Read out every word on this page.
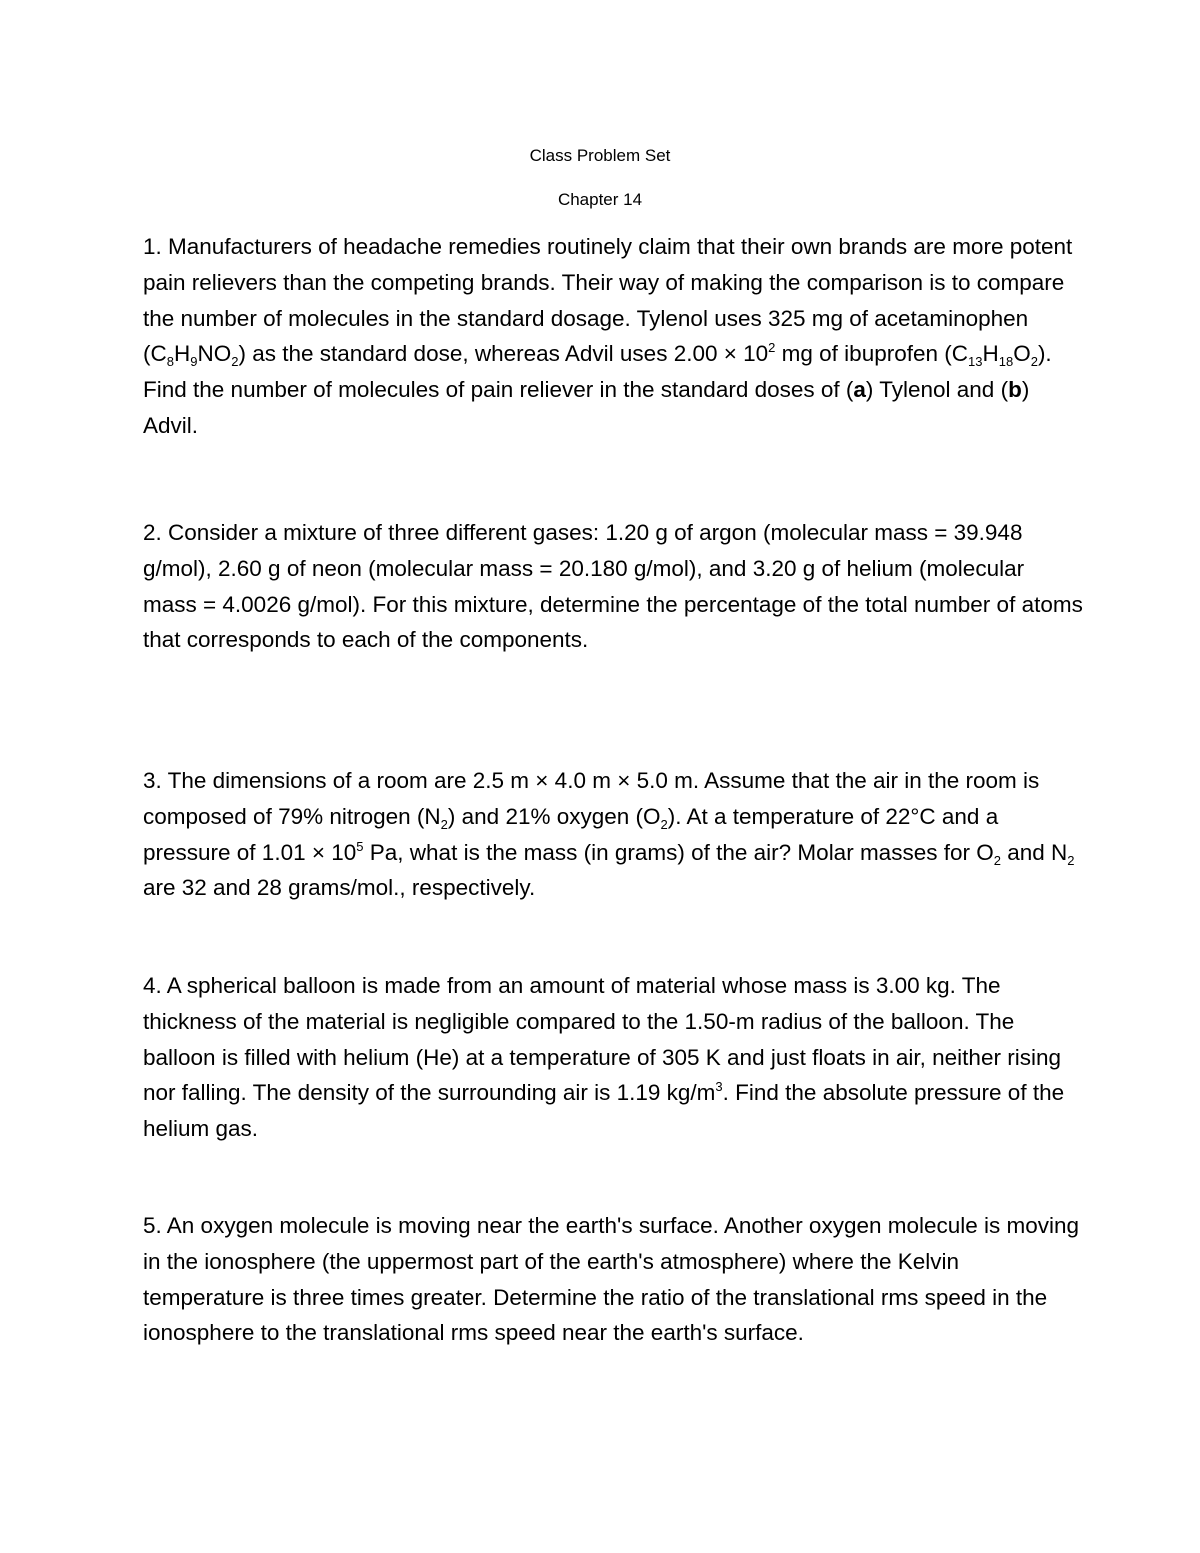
Class Problem Set
Chapter 14

1. Manufacturers of headache remedies routinely claim that their own brands are more potent pain relievers than the competing brands. Their way of making the comparison is to compare the number of molecules in the standard dosage. Tylenol uses 325 mg of acetaminophen $(C_8H_9NO_2)$ as the standard dose, whereas Advil uses $2.00 \times 10^2$ mg of ibuprofen $(C_{13}H_{18}O_2)$. Find the number of molecules of pain reliever in the standard doses of (a) Tylenol and (b) Advil.

2. Consider a mixture of three different gases: 1.20 g of argon (molecular mass = 39.948 g/mol), 2.60 g of neon (molecular mass = 20.180 g/mol), and 3.20 g of helium (molecular mass = 4.0026 g/mol). For this mixture, determine the percentage of the total number of atoms that corresponds to each of the components.

3. The dimensions of a room are 2.5 m × 4.0 m × 5.0 m. Assume that the air in the room is composed of 79% nitrogen $(N_2)$ and 21% oxygen $(O_2)$. At a temperature of 22°C and a pressure of $1.01 \times 10^5$ Pa, what is the mass (in grams) of the air? Molar masses for $O_2$ and $N_2$ are 32 and 28 grams/mol., respectively.

4. A spherical balloon is made from an amount of material whose mass is 3.00 kg. The thickness of the material is negligible compared to the 1.50-m radius of the balloon. The balloon is filled with helium (He) at a temperature of 305 K and just floats in air, neither rising nor falling. The density of the surrounding air is 1.19 $kg/m^3$. Find the absolute pressure of the helium gas.

5. An oxygen molecule is moving near the earth's surface. Another oxygen molecule is moving in the ionosphere (the uppermost part of the earth's atmosphere) where the Kelvin temperature is three times greater. Determine the ratio of the translational rms speed in the ionosphere to the translational rms speed near the earth's surface.
